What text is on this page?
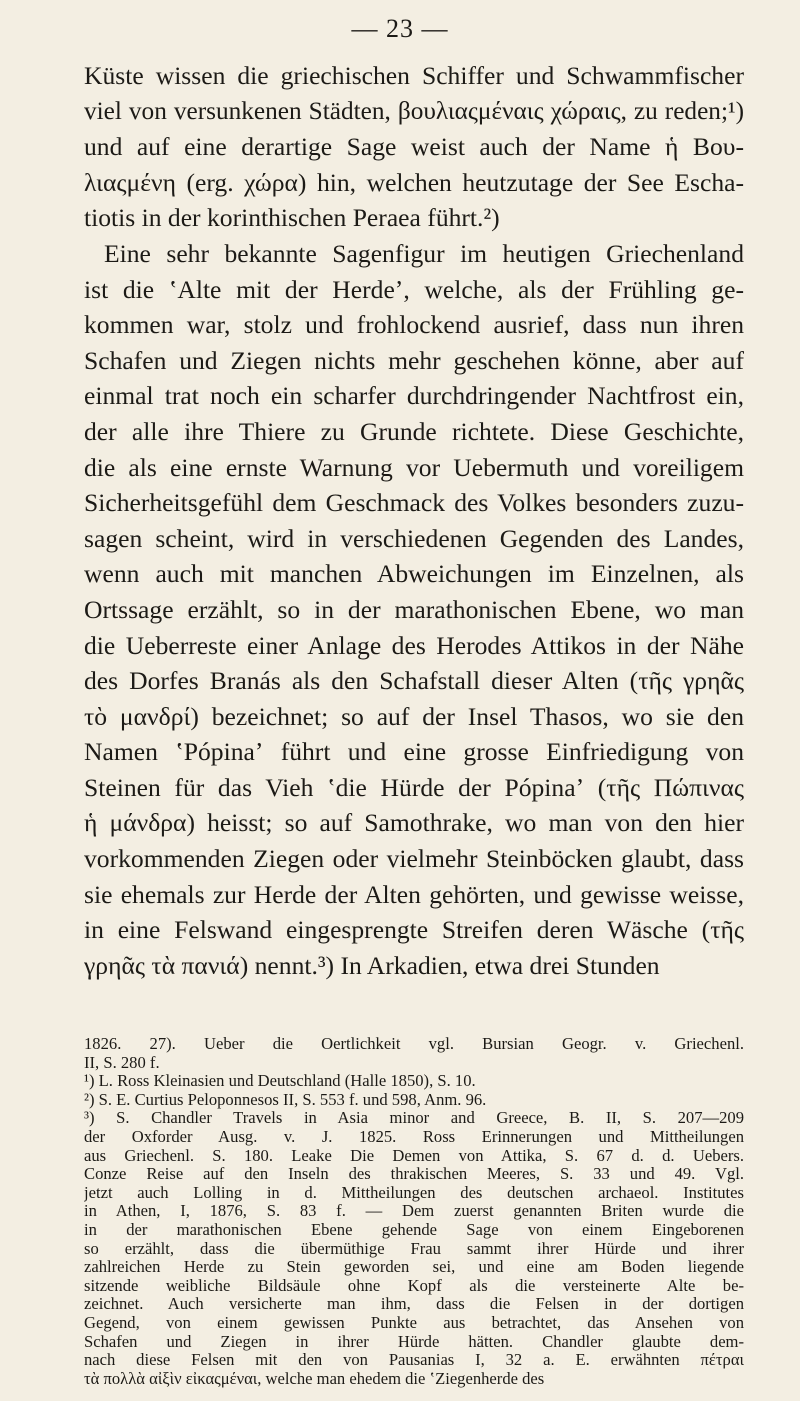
— 23 —
Küste wissen die griechischen Schiffer und Schwammfischer
viel von versunkenen Städten, βουλιαςμέναις χώραις, zu reden;¹)
und auf eine derartige Sage weist auch der Name ἡ Βου-
λιαςμένη (erg. χώρα) hin, welchen heutzutage der See Escha-
tiotis in der korinthischen Peraea führt.²)
Eine sehr bekannte Sagenfigur im heutigen Griechenland
ist die ʽAlte mit der Herdeʼ, welche, als der Frühling ge-
kommen war, stolz und frohlockend ausrief, dass nun ihren
Schafen und Ziegen nichts mehr geschehen könne, aber auf
einmal trat noch ein scharfer durchdringender Nachtfrost ein,
der alle ihre Thiere zu Grunde richtete. Diese Geschichte,
die als eine ernste Warnung vor Uebermuth und voreiligem
Sicherheitsgefühl dem Geschmack des Volkes besonders zuzu-
sagen scheint, wird in verschiedenen Gegenden des Landes,
wenn auch mit manchen Abweichungen im Einzelnen, als
Ortssage erzählt, so in der marathonischen Ebene, wo man
die Ueberreste einer Anlage des Herodes Attikos in der Nähe
des Dorfes Branás als den Schafstall dieser Alten (τῆς γρηᾶς
τὸ μανδρί) bezeichnet; so auf der Insel Thasos, wo sie den
Namen ʽPópinaʼ führt und eine grosse Einfriedigung von
Steinen für das Vieh ʽdie Hürde der Pópinaʼ (τῆς Πώπινας
ἡ μάνδρα) heisst; so auf Samothrake, wo man von den hier
vorkommenden Ziegen oder vielmehr Steinböcken glaubt, dass
sie ehemals zur Herde der Alten gehörten, und gewisse weisse,
in eine Felswand eingesprengte Streifen deren Wäsche (τῆς
γρηᾶς τὰ πανιά) nennt.³) In Arkadien, etwa drei Stunden
1826. 27). Ueber die Oertlichkeit vgl. Bursian Geogr. v. Griechenl.
II, S. 280 f.
¹) L. Ross Kleinasien und Deutschland (Halle 1850), S. 10.
²) S. E. Curtius Peloponnesos II, S. 553 f. und 598, Anm. 96.
³) S. Chandler Travels in Asia minor and Greece, B. II, S. 207—209
der Oxforder Ausg. v. J. 1825. Ross Erinnerungen und Mittheilungen
aus Griechenl. S. 180. Leake Die Demen von Attika, S. 67 d. d. Uebers.
Conze Reise auf den Inseln des thrakischen Meeres, S. 33 und 49. Vgl.
jetzt auch Lolling in d. Mittheilungen des deutschen archaeol. Institutes
in Athen, I, 1876, S. 83 f. — Dem zuerst genannten Briten wurde die
in der marathonischen Ebene gehende Sage von einem Eingeborenen
so erzählt, dass die übermüthige Frau sammt ihrer Hürde und ihrer
zahlreichen Herde zu Stein geworden sei, und eine am Boden liegende
sitzende weibliche Bildsäule ohne Kopf als die versteinerte Alte be-
zeichnet. Auch versicherte man ihm, dass die Felsen in der dortigen
Gegend, von einem gewissen Punkte aus betrachtet, das Ansehen von
Schafen und Ziegen in ihrer Hürde hätten. Chandler glaubte dem-
nach diese Felsen mit den von Pausanias I, 32 a. E. erwähnten πέτραι
τὰ πολλὰ αἰξὶν εἰκαςμέναι, welche man ehedem die ʽZiegenherde des
